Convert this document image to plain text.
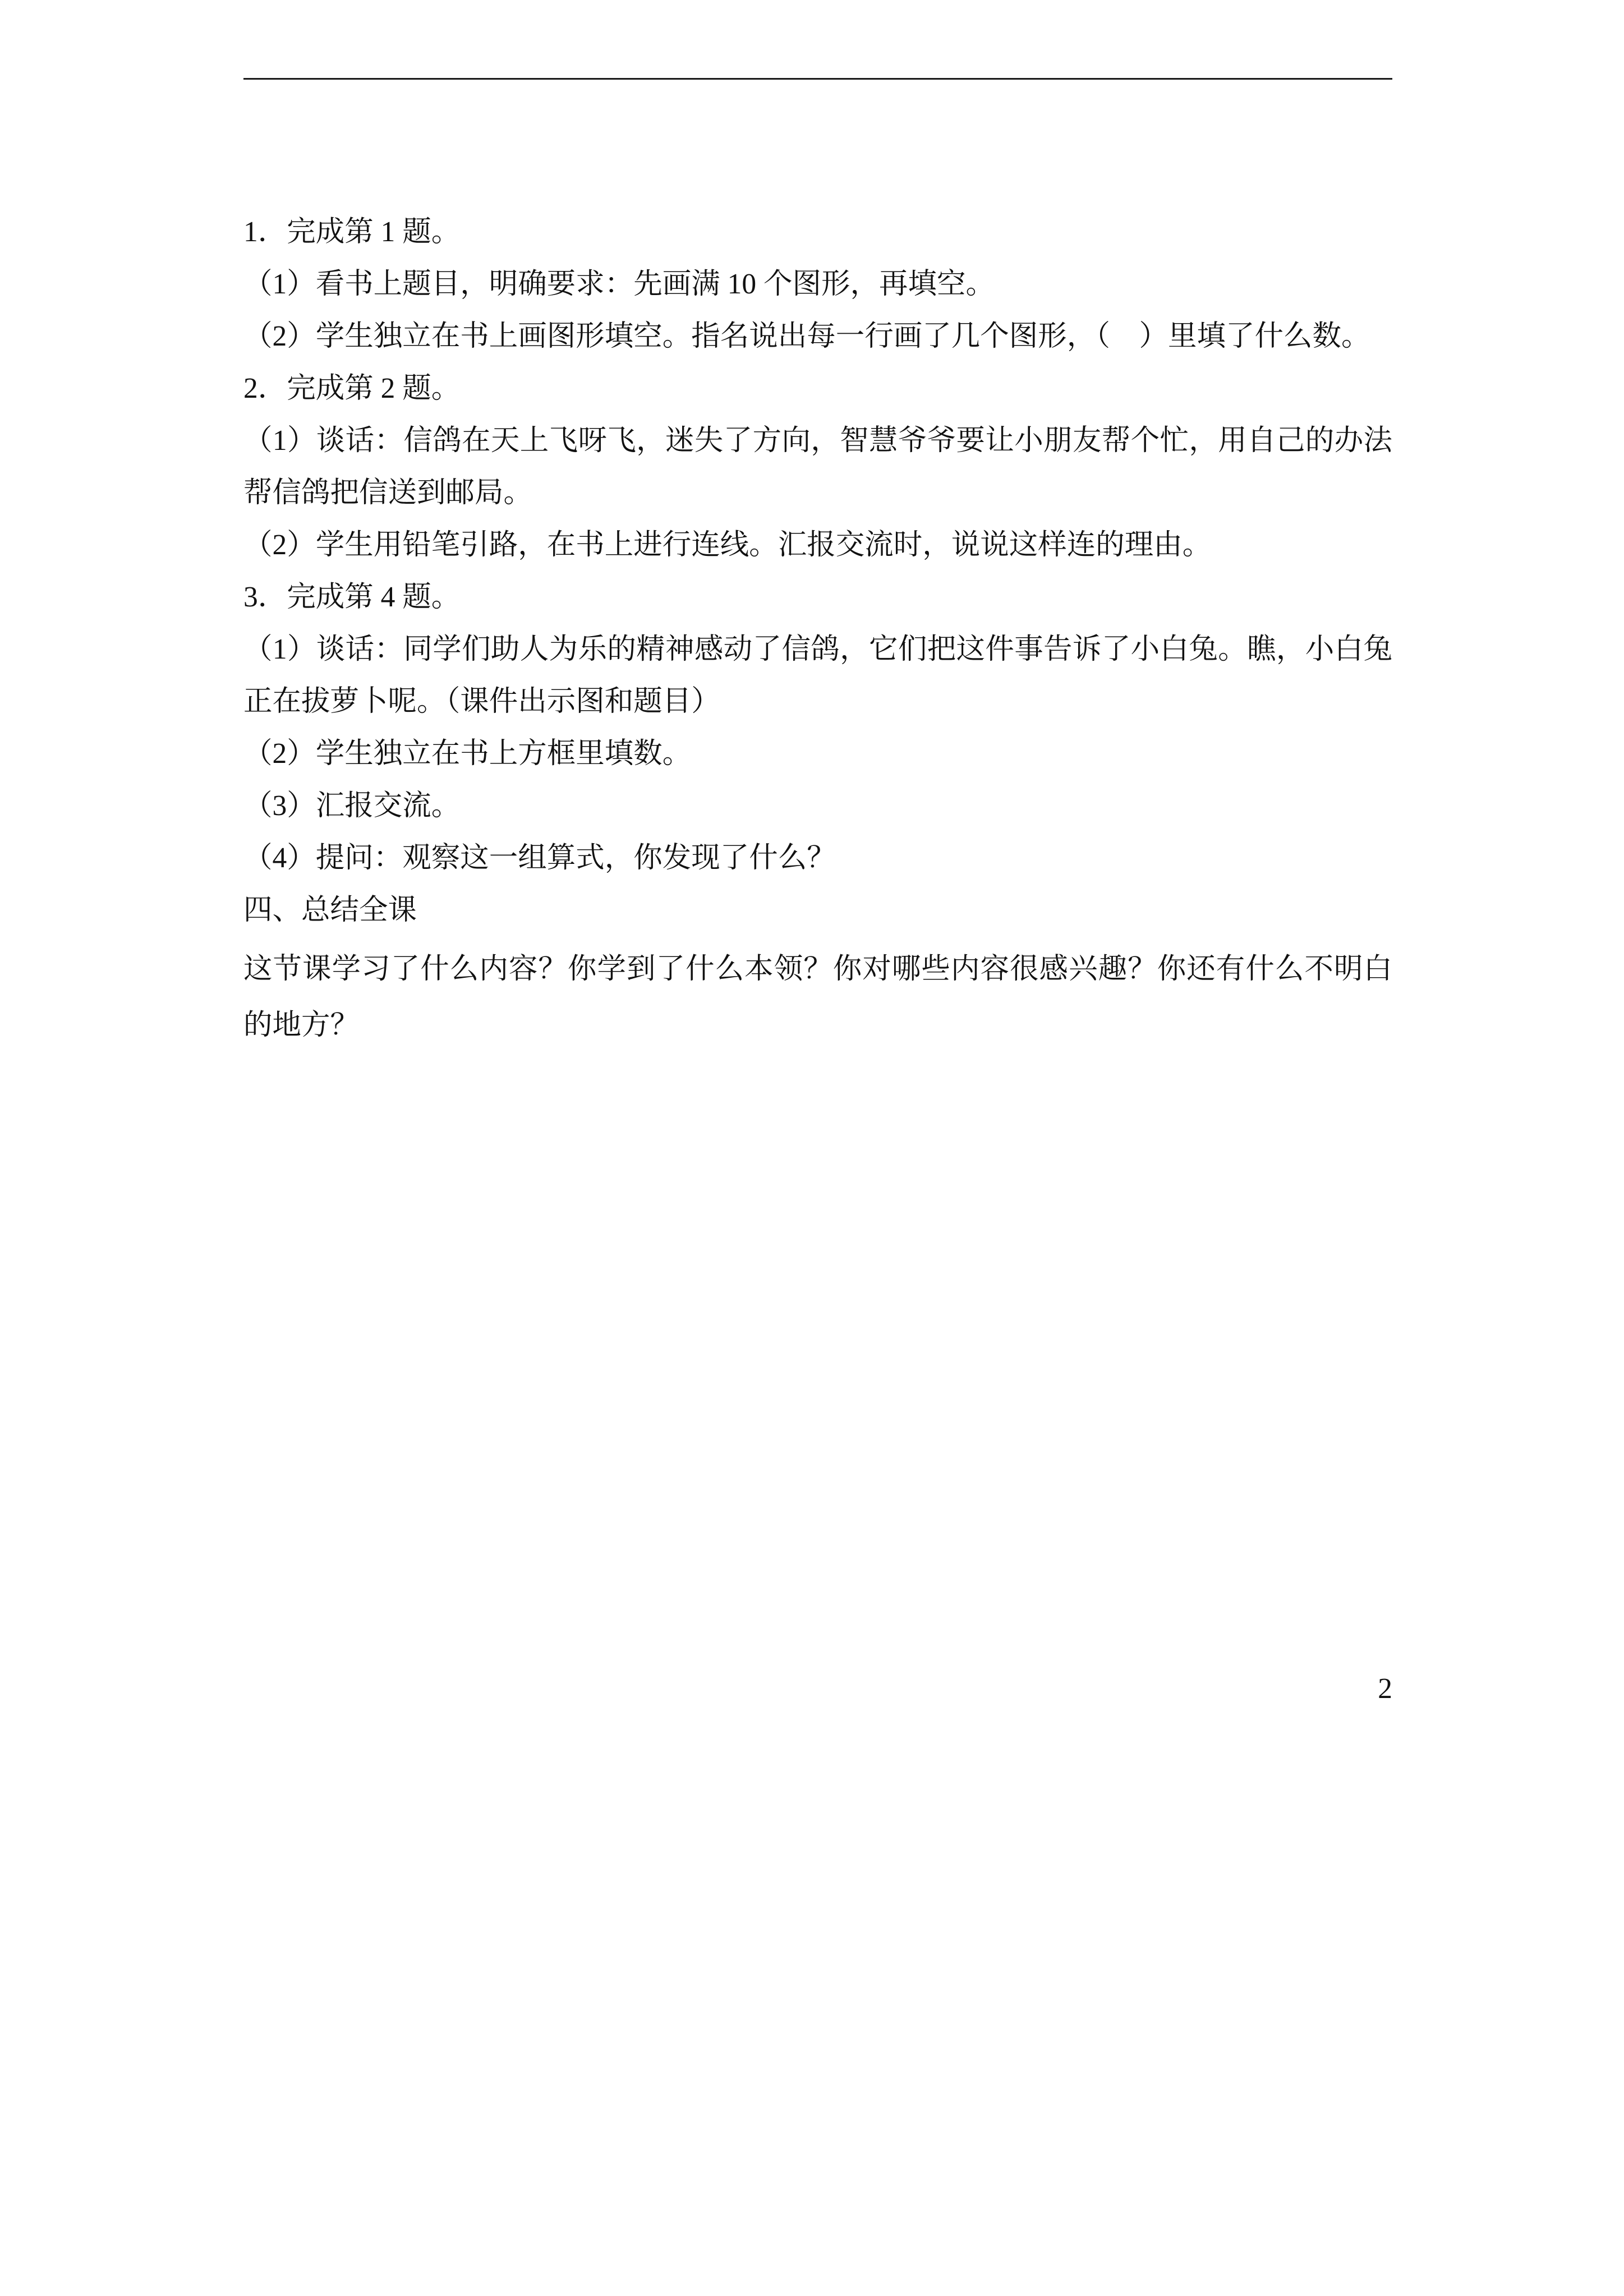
1．完成第 1 题。
（1）看书上题目，明确要求：先画满 10 个图形，再填空。
（2）学生独立在书上画图形填空。指名说出每一行画了几个图形，（　）里填了什么数。
2．完成第 2 题。
（1）谈话：信鸽在天上飞呀飞，迷失了方向，智慧爷爷要让小朋友帮个忙，用自己的办法
帮信鸽把信送到邮局。
（2）学生用铅笔引路，在书上进行连线。汇报交流时，说说这样连的理由。
3．完成第 4 题。
（1）谈话：同学们助人为乐的精神感动了信鸽，它们把这件事告诉了小白兔。瞧，小白兔
正在拔萝卜呢。（课件出示图和题目）
（2）学生独立在书上方框里填数。
（3）汇报交流。
（4）提问：观察这一组算式，你发现了什么？
四、总结全课
这节课学习了什么内容？你学到了什么本领？你对哪些内容很感兴趣？你还有什么不明白
的地方？
2
